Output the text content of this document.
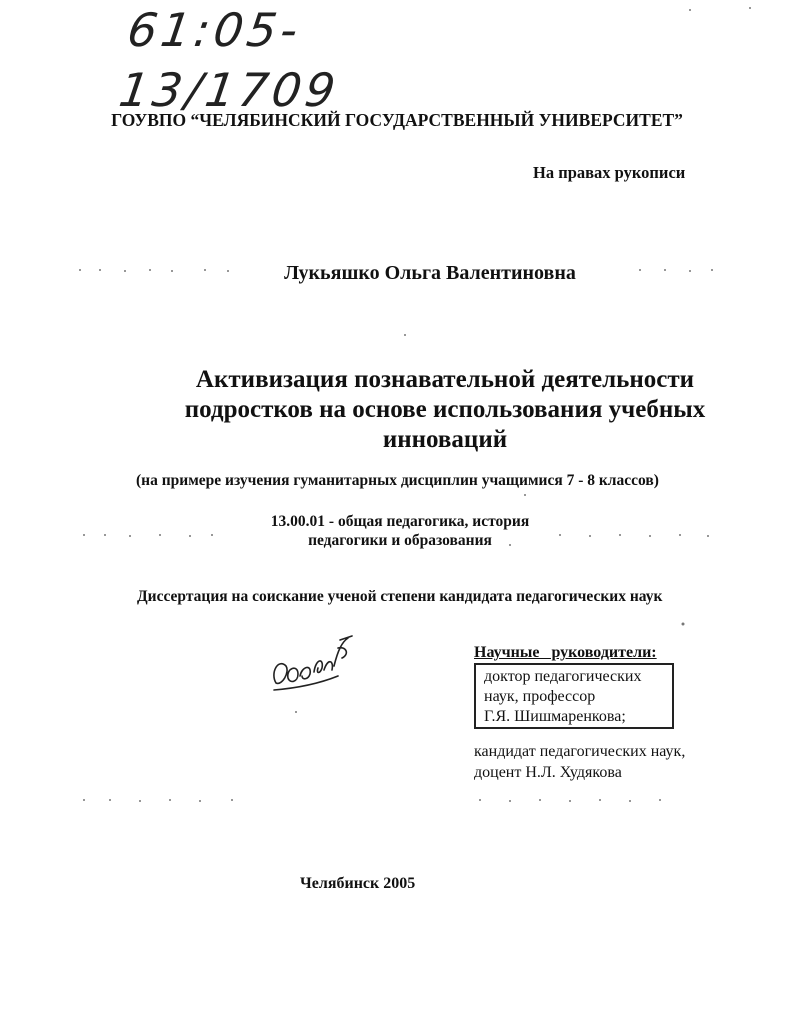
61:05-13/1709
ГОУВПО “ЧЕЛЯБИНСКИЙ ГОСУДАРСТВЕННЫЙ УНИВЕРСИТЕТ”
На правах рукописи
Лукьяшко Ольга Валентиновна
Активизация познавательной деятельности
подростков на основе использования учебных
инноваций
(на примере изучения гуманитарных дисциплин учащимися 7 - 8 классов)
13.00.01 - общая педагогика, история
педагогики и образования
Диссертация на соискание ученой степени кандидата педагогических наук
Научные руководители:
доктор педагогических
наук, профессор
Г.Я. Шишмаренкова;
кандидат педагогических наук,
доцент Н.Л. Худякова
Челябинск 2005
